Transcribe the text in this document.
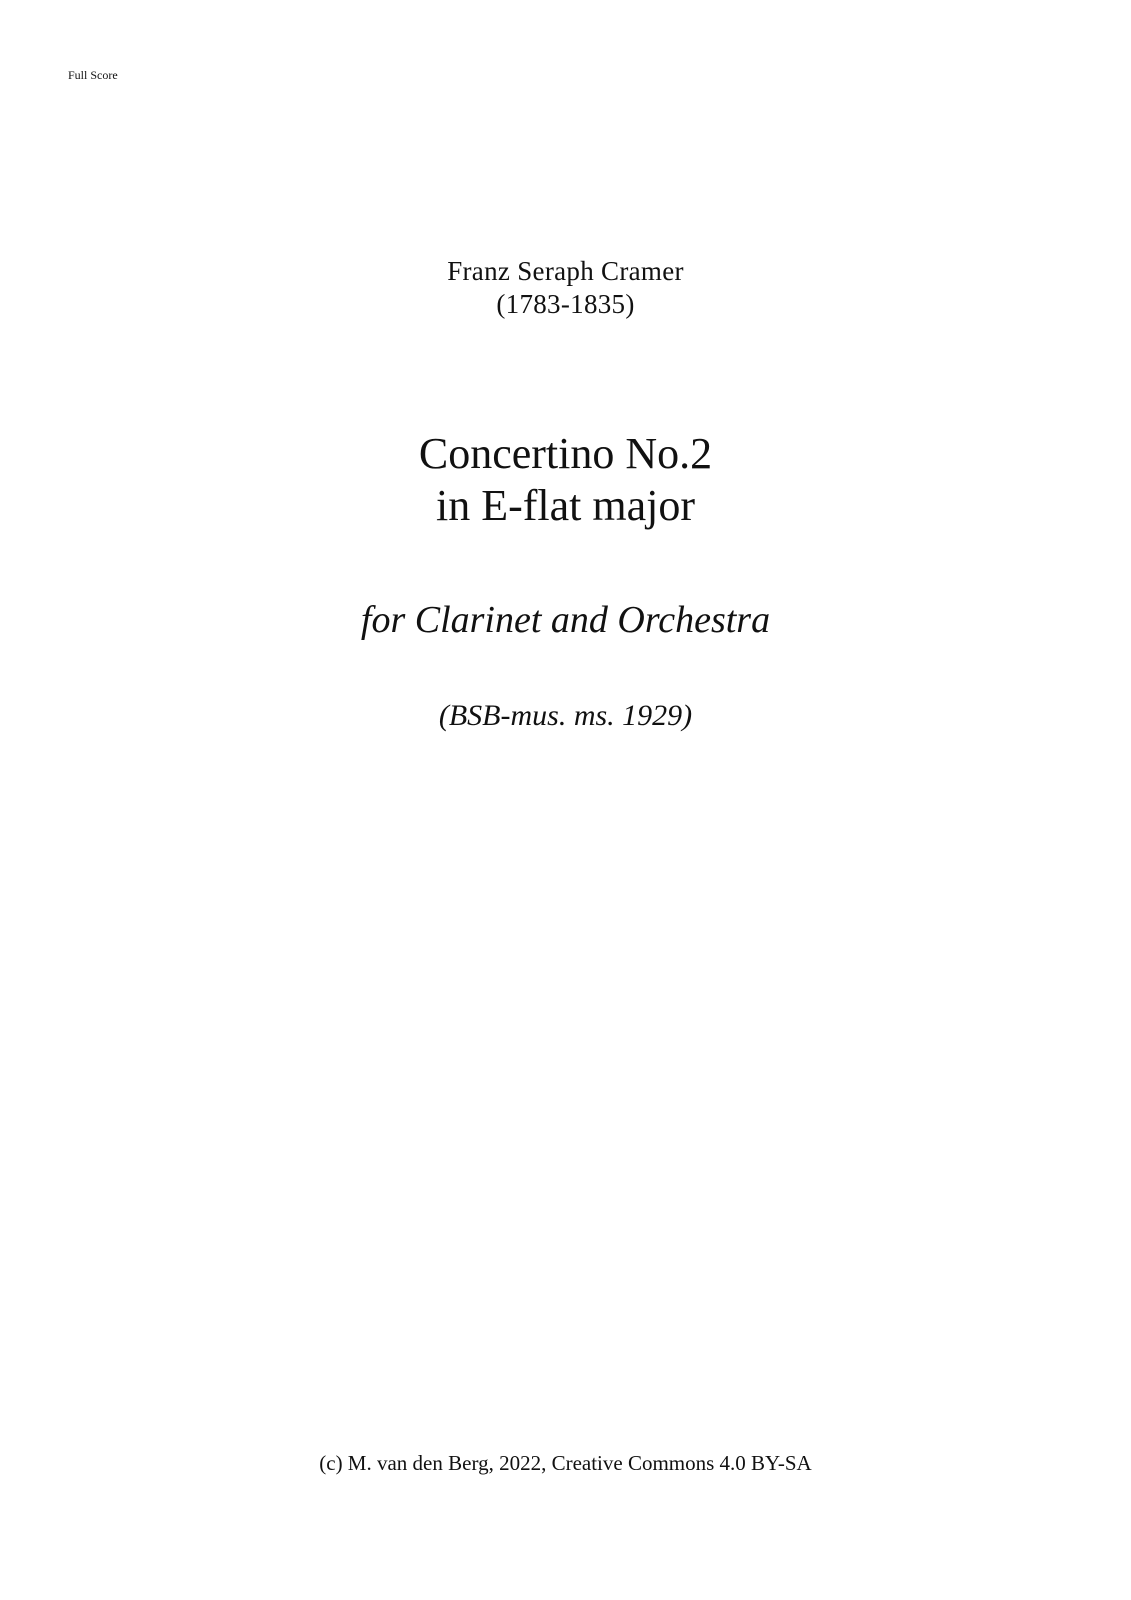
Full Score
Franz Seraph Cramer
(1783-1835)
Concertino No.2
in E-flat major
for Clarinet and Orchestra
(BSB-mus. ms. 1929)
(c) M. van den Berg, 2022, Creative Commons 4.0 BY-SA
